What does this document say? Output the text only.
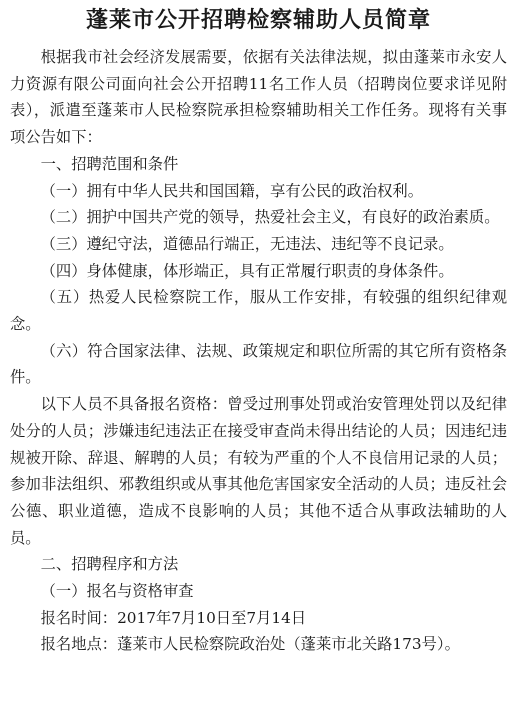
蓬莱市公开招聘检察辅助人员简章

根据我市社会经济发展需要，依据有关法律法规，拟由蓬莱市永安人力资源有限公司面向社会公开招聘11名工作人员（招聘岗位要求详见附表），派遣至蓬莱市人民检察院承担检察辅助相关工作任务。现将有关事项公告如下：

一、招聘范围和条件

（一）拥有中华人民共和国国籍，享有公民的政治权利。

（二）拥护中国共产党的领导，热爱社会主义，有良好的政治素质。

（三）遵纪守法，道德品行端正，无违法、违纪等不良记录。

（四）身体健康，体形端正，具有正常履行职责的身体条件。

（五）热爱人民检察院工作，服从工作安排，有较强的组织纪律观念。

（六）符合国家法律、法规、政策规定和职位所需的其它所有资格条件。

以下人员不具备报名资格：曾受过刑事处罚或治安管理处罚以及纪律处分的人员；涉嫌违纪违法正在接受审查尚未得出结论的人员；因违纪违规被开除、辞退、解聘的人员；有较为严重的个人不良信用记录的人员；参加非法组织、邪教组织或从事其他危害国家安全活动的人员；违反社会公德、职业道德，造成不良影响的人员；其他不适合从事政法辅助的人员。

二、招聘程序和方法

（一）报名与资格审查

报名时间：2017年7月10日至7月14日

报名地点：蓬莱市人民检察院政治处（蓬莱市北关路173号）。
